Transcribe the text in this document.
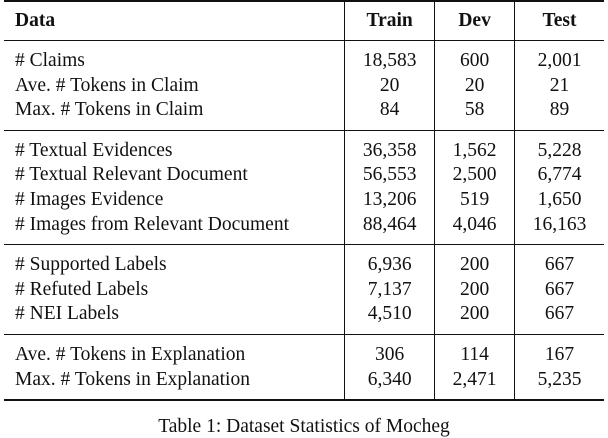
Data	Train	Dev	Test
# Claims	18,583	600	2,001
Ave. # Tokens in Claim	20	20	21
Max. # Tokens in Claim	84	58	89
# Textual Evidences	36,358	1,562	5,228
# Textual Relevant Document	56,553	2,500	6,774
# Images Evidence	13,206	519	1,650
# Images from Relevant Document	88,464	4,046	16,163
# Supported Labels	6,936	200	667
# Refuted Labels	7,137	200	667
# NEI Labels	4,510	200	667
Ave. # Tokens in Explanation	306	114	167
Max. # Tokens in Explanation	6,340	2,471	5,235
Table 1: Dataset Statistics of Mocheg
